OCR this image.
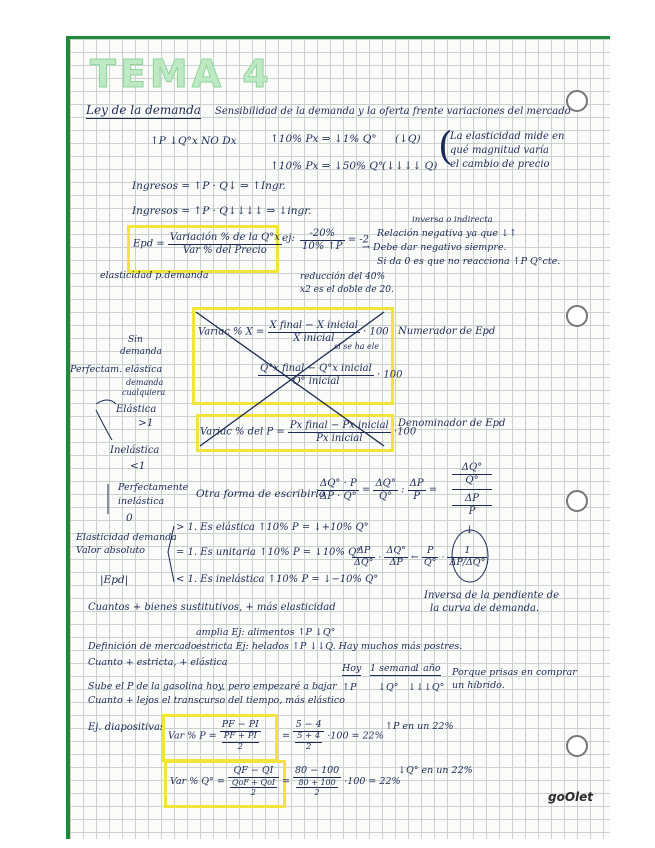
TEMA 4
Ley de la demanda Sensibilidad de la demanda y la oferta frente variaciones del mercado
↑P ↓Q°x NO Dx	↑10% Px ⇒ ↓1% Q° (↓Q) (
La elasticidad mide en
qué magnitud varía
el cambio de precio
↑10% Px ⇒ ↓50% Q°
(↓↓↓↓ Q)
Ingresos = ↑P · Q↓ ⇒ ↑Ingr.
Ingresos = ↑P · Q↓↓↓↓ ⇒ ↓ingr.
Epd = $\frac{\text{Variación \% de la Q°x}}{\text{Var \% del Precio}}$
elasticidad p.demanda
ej: $\frac{-20\%}{10\% ↑P} = -2$
inversa o indirecta
Relación negativa ya que ↓↑
→ Debe dar negativo siempre.
Si da 0 es que no reacciona ↑P Q°cte.
reducción del 40%
x2 es el doble de 20.
Sin
demanda
Perfectam. elástica
demanda
cualquiera
Elástica
>1
Inelástica
<1
Perfectamente
inelástica
0
Variac % $X = \frac{\text{X final − X inicial}}{\text{X inicial}} \cdot 100$
si se ha ele
$\frac{\text{Q°x final − Q°x inicial}}{\text{Q° inicial}} \cdot 100$
Variac % del $P = \frac{\text{Px final − Px inicial}}{\text{Px inicial}} \cdot 100$
Numerador de Epd
Denominador de Epd
Otra forma de escribirlo
$\frac{\Delta Q^\circ \cdot P}{\Delta P \cdot Q^\circ} = \frac{\Delta Q^\circ}{Q^\circ}$ : $\frac{\Delta P}{P}$ =
ΔQ°
Q°
ΔP
P
↓
Elasticidad demanda
Valor absoluto
|Epd|
> 1. Es elástica ↑10% P = ↓+10% Q°
= 1. Es unitaria ↑10% P = ↓10% Q°
< 1. Es inelástica ↑10% P = ↓−10% Q°
$\frac{\Delta P}{\Delta Q^\circ} \cdot \frac{\Delta Q^\circ}{\Delta P}$ ← $\frac{P}{Q^\circ} \cdot \frac{1}{\Delta P/\Delta Q^\circ}$
Inversa de la pendiente de
la curva de demanda.
Cuantos + bienes sustitutivos, + más elasticidad
amplia Ej: alimentos ↑P ↓Q°
Definición de mercado estricta Ej: helados ↑P ↓↓Q. Hay muchos más postres.
Cuanto + estricta, + elástica
Hoy 1 semana
1 año
↑P ↓Q° ↓↓↓Q°
Porque prisas en comprar
un híbrido.
Sube el P de la gasolina hoy, pero empezaré a bajar
Cuanto + lejos el transcurso del tiempo, más elástico
Ej. diapositivas
Var % $P = \frac{PF - PI}{\frac{PF + PI}{2}} = \frac{5 - 4}{\frac{5 + 4}{2}} \cdot 100 = 22\%$
↑P en un 22%
Var % $Q^\circ = \frac{QF - QI}{\frac{\text{QoF + QoI}}{2}} = \frac{80 - 100}{\frac{80 + 100}{2}} \cdot 100 = 22\%$
↓Q° en un 22%
goOlet
